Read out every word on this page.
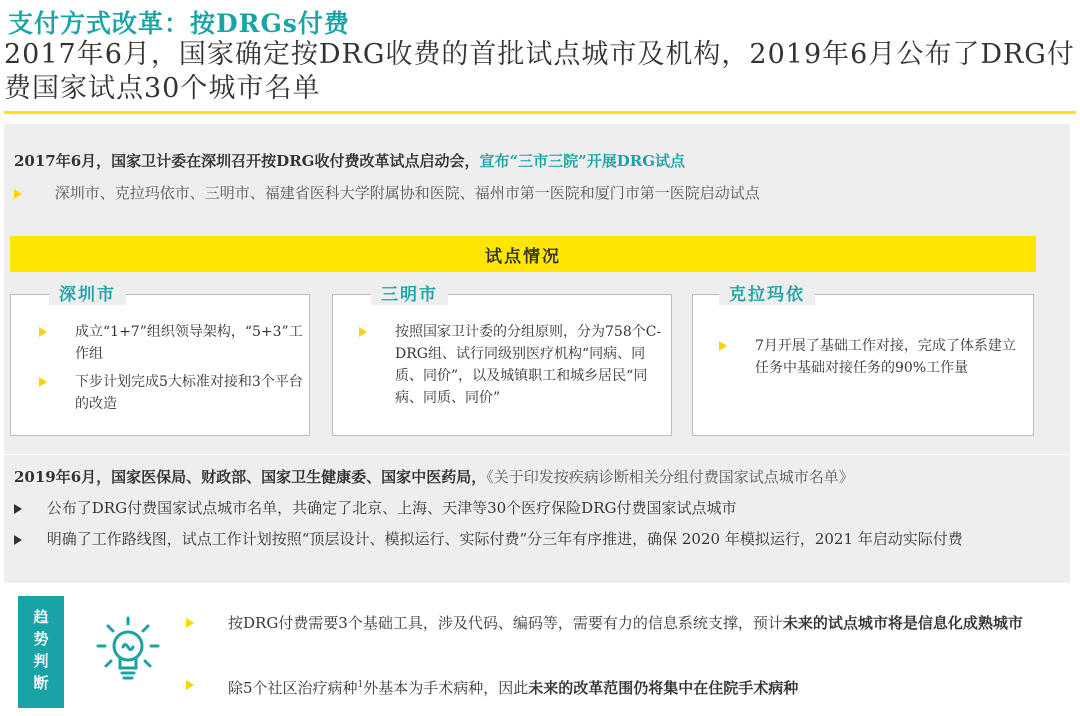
支付方式改革：按DRGs付费
2017年6月，国家确定按DRG收费的首批试点城市及机构，2019年6月公布了DRG付费国家试点30个城市名单
2017年6月，国家卫计委在深圳召开按DRG收付费改革试点启动会，宣布“三市三院”开展DRG试点
深圳市、克拉玛依市、三明市、福建省医科大学附属协和医院、福州市第一医院和厦门市第一医院启动试点
试点情况
深圳市
成立“1+7”组织领导架构，“5+3”工作组
下步计划完成5大标准对接和3个平台的改造
三明市
按照国家卫计委的分组原则，分为758个C-DRG组、试行同级别医疗机构“同病、同质、同价”，以及城镇职工和城乡居民“同病、同质、同价”
克拉玛依
7月开展了基础工作对接，完成了体系建立任务中基础对接任务的90%工作量
2019年6月，国家医保局、财政部、国家卫生健康委、国家中医药局，《关于印发按疾病诊断相关分组付费国家试点城市名单》
公布了DRG付费国家试点城市名单，共确定了北京、上海、天津等30个医疗保险DRG付费国家试点城市
明确了工作路线图，试点工作计划按照“顶层设计、模拟运行、实际付费”分三年有序推进，确保 2020 年模拟运行，2021 年启动实际付费
趋
势
判
断
按DRG付费需要3个基础工具，涉及代码、编码等，需要有力的信息系统支撑，预计未来的试点城市将是信息化成熟城市
除5个社区治疗病种$^1$外基本为手术病种，因此未来的改革范围仍将集中在住院手术病种
